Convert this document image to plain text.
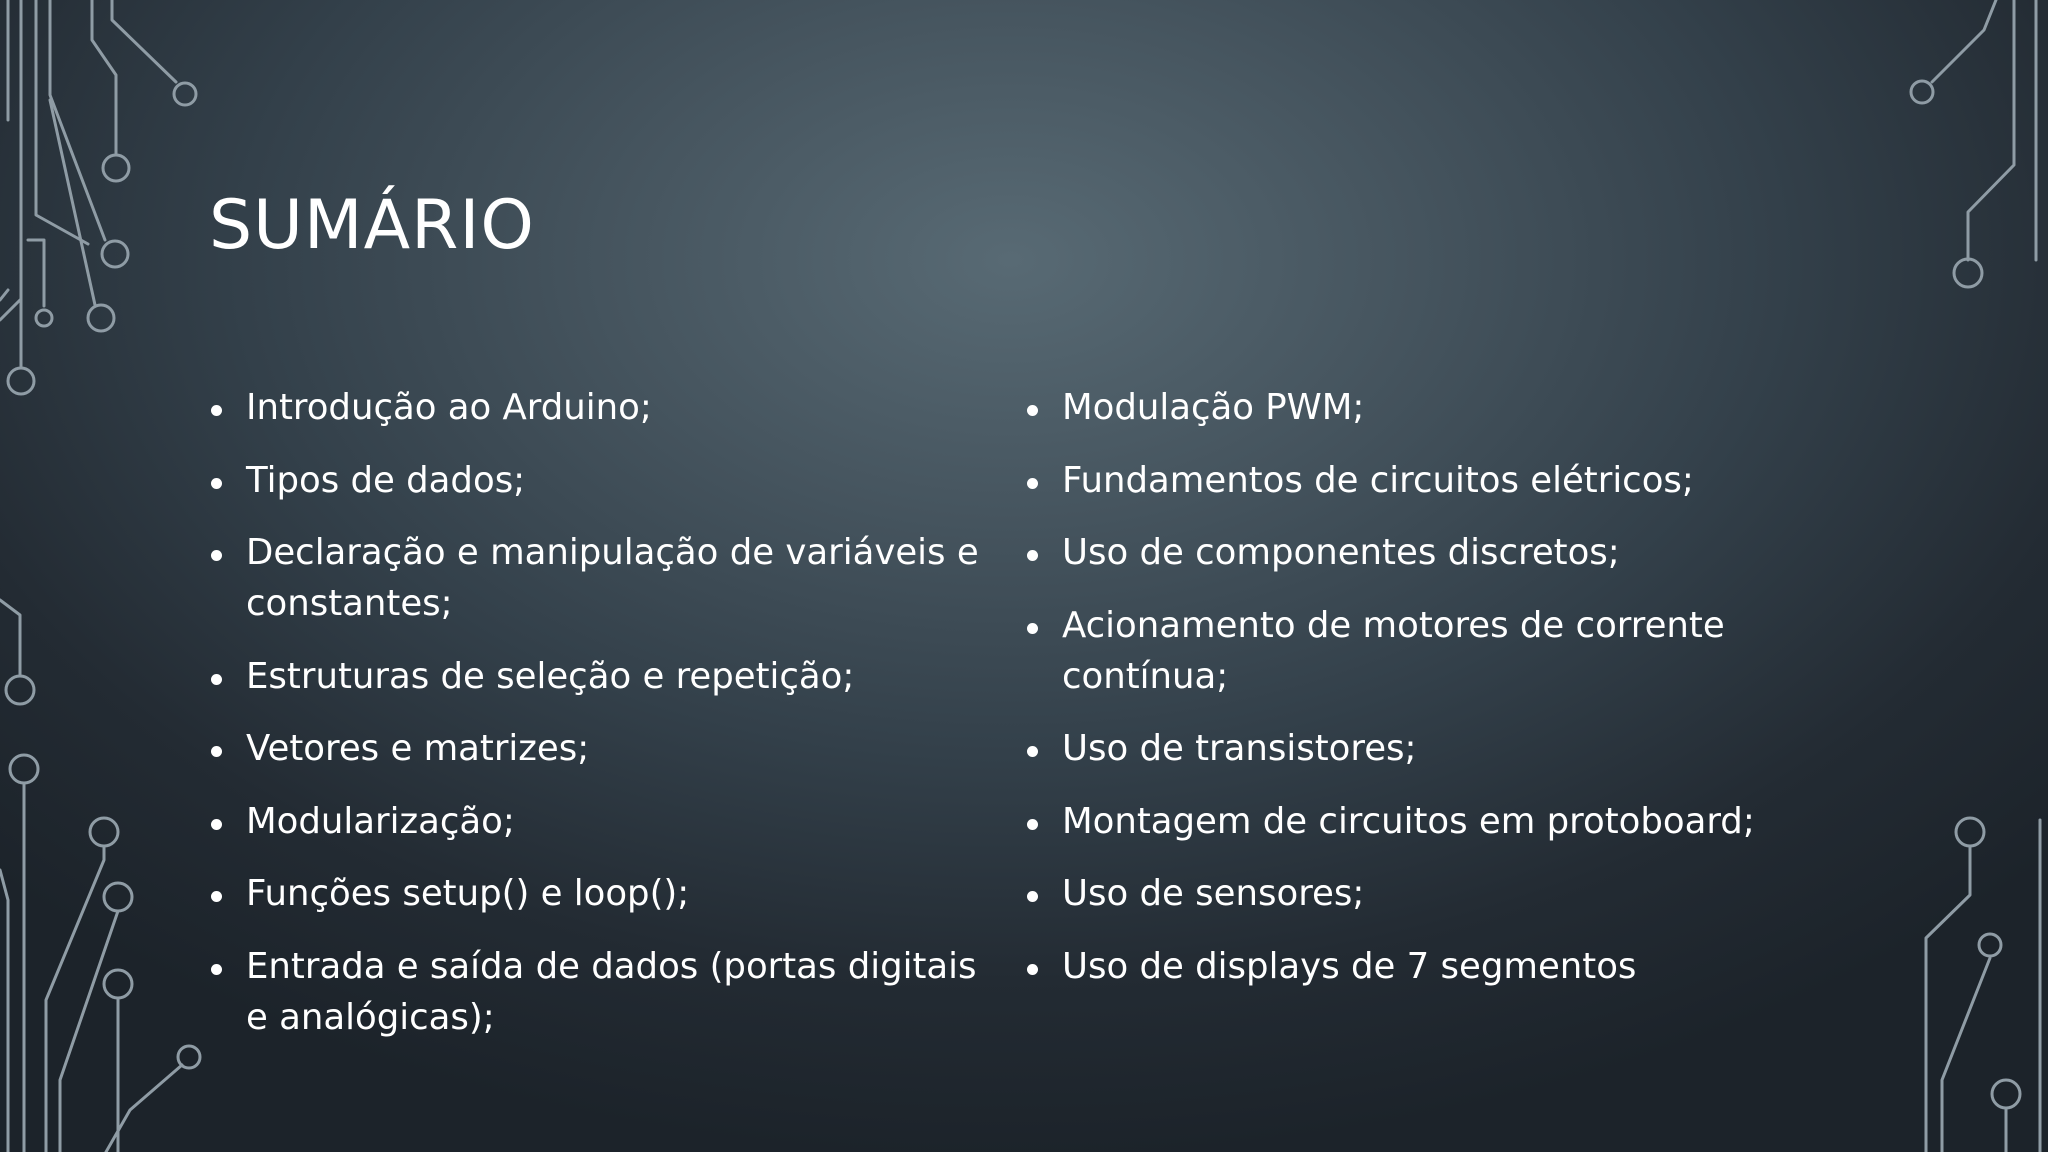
SUMÁRIO
Introdução ao Arduino;
Tipos de dados;
Declaração e manipulação de variáveis e constantes;
Estruturas de seleção e repetição;
Vetores e matrizes;
Modularização;
Funções setup() e loop();
Entrada e saída de dados (portas digitais e analógicas);
Modulação PWM;
Fundamentos de circuitos elétricos;
Uso de componentes discretos;
Acionamento de motores de corrente contínua;
Uso de transistores;
Montagem de circuitos em protoboard;
Uso de sensores;
Uso de displays de 7 segmentos
